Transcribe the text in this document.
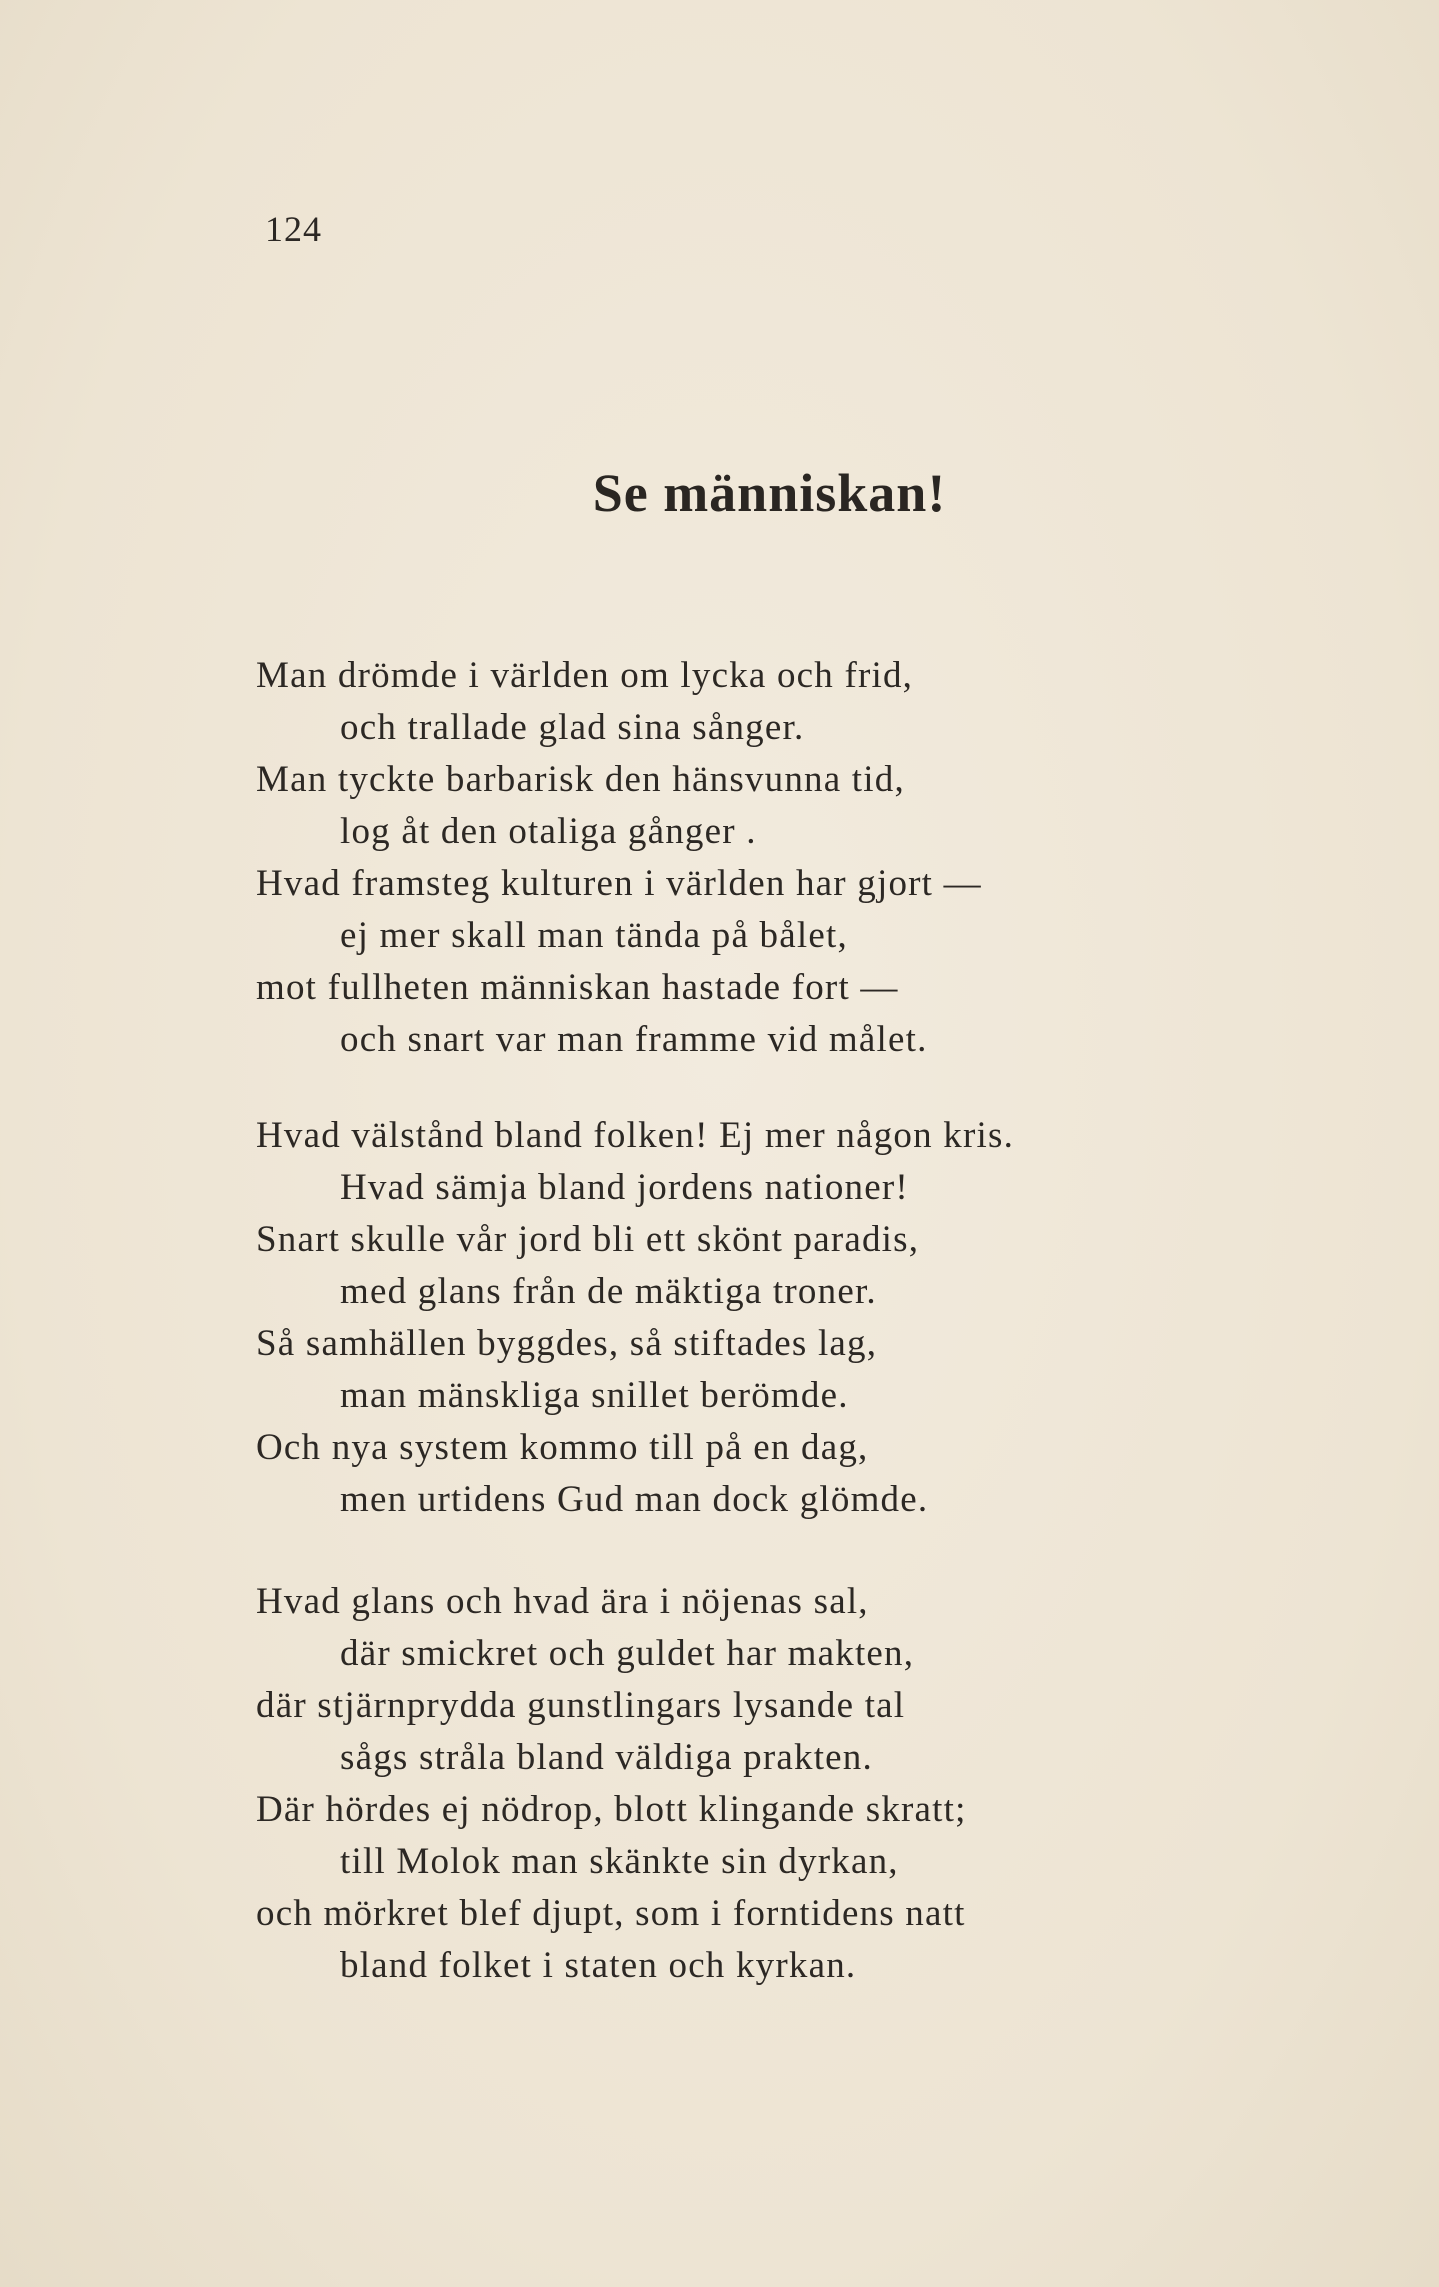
124
Se människan!
Man drömde i världen om lycka och frid,
och trallade glad sina sånger.
Man tyckte barbarisk den hänsvunna tid,
log åt den otaliga gånger .
Hvad framsteg kulturen i världen har gjort —
ej mer skall man tända på bålet,
mot fullheten människan hastade fort —
och snart var man framme vid målet.
Hvad välstånd bland folken! Ej mer någon kris.
Hvad sämja bland jordens nationer!
Snart skulle vår jord bli ett skönt paradis,
med glans från de mäktiga troner.
Så samhällen byggdes, så stiftades lag,
man mänskliga snillet berömde.
Och nya system kommo till på en dag,
men urtidens Gud man dock glömde.
Hvad glans och hvad ära i nöjenas sal,
där smickret och guldet har makten,
där stjärnprydda gunstlingars lysande tal
sågs stråla bland väldiga prakten.
Där hördes ej nödrop, blott klingande skratt;
till Molok man skänkte sin dyrkan,
och mörkret blef djupt, som i forntidens natt
bland folket i staten och kyrkan.
